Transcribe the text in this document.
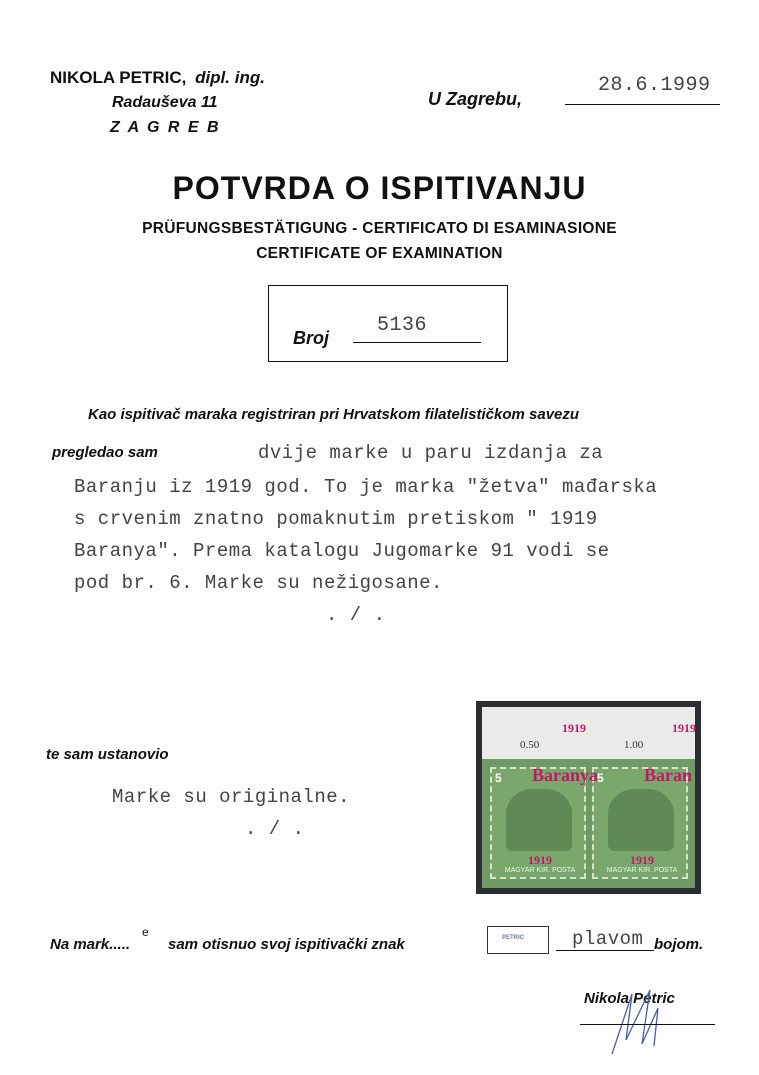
NIKOLA PETRIC, dipl. ing.
Radauševa 11
Z A G R E B
U Zagrebu,
28.6.1999
POTVRDA O ISPITIVANJU
PRÜFUNGSBESTÄTIGUNG - CERTIFICATO DI ESAMINASIONE
CERTIFICATE OF EXAMINATION
Broj
5136
Kao ispitivač maraka registriran pri Hrvatskom filatelističkom savezu
pregledao sam	dvije marke u paru izdanja za
Baranju iz 1919 god. To je marka "žetva" mađarska
s crvenim znatno pomaknutim pretiskom " 1919
Baranya". Prema katalogu Jugomarke 91 vodi se
pod br. 6. Marke su nežigosane.
. / .
te sam ustanovio
Marke su originalne.
. / .
0.50	1.00
1919	1919
5
MAGYAR KIR. POSTA
1919
5
MAGYAR KIR. POSTA
1919
Baranya	Baran
Na mark.....
e
sam otisnuo svoj ispitivački znak	PETRIC	plavom bojom.
Nikola Petric
